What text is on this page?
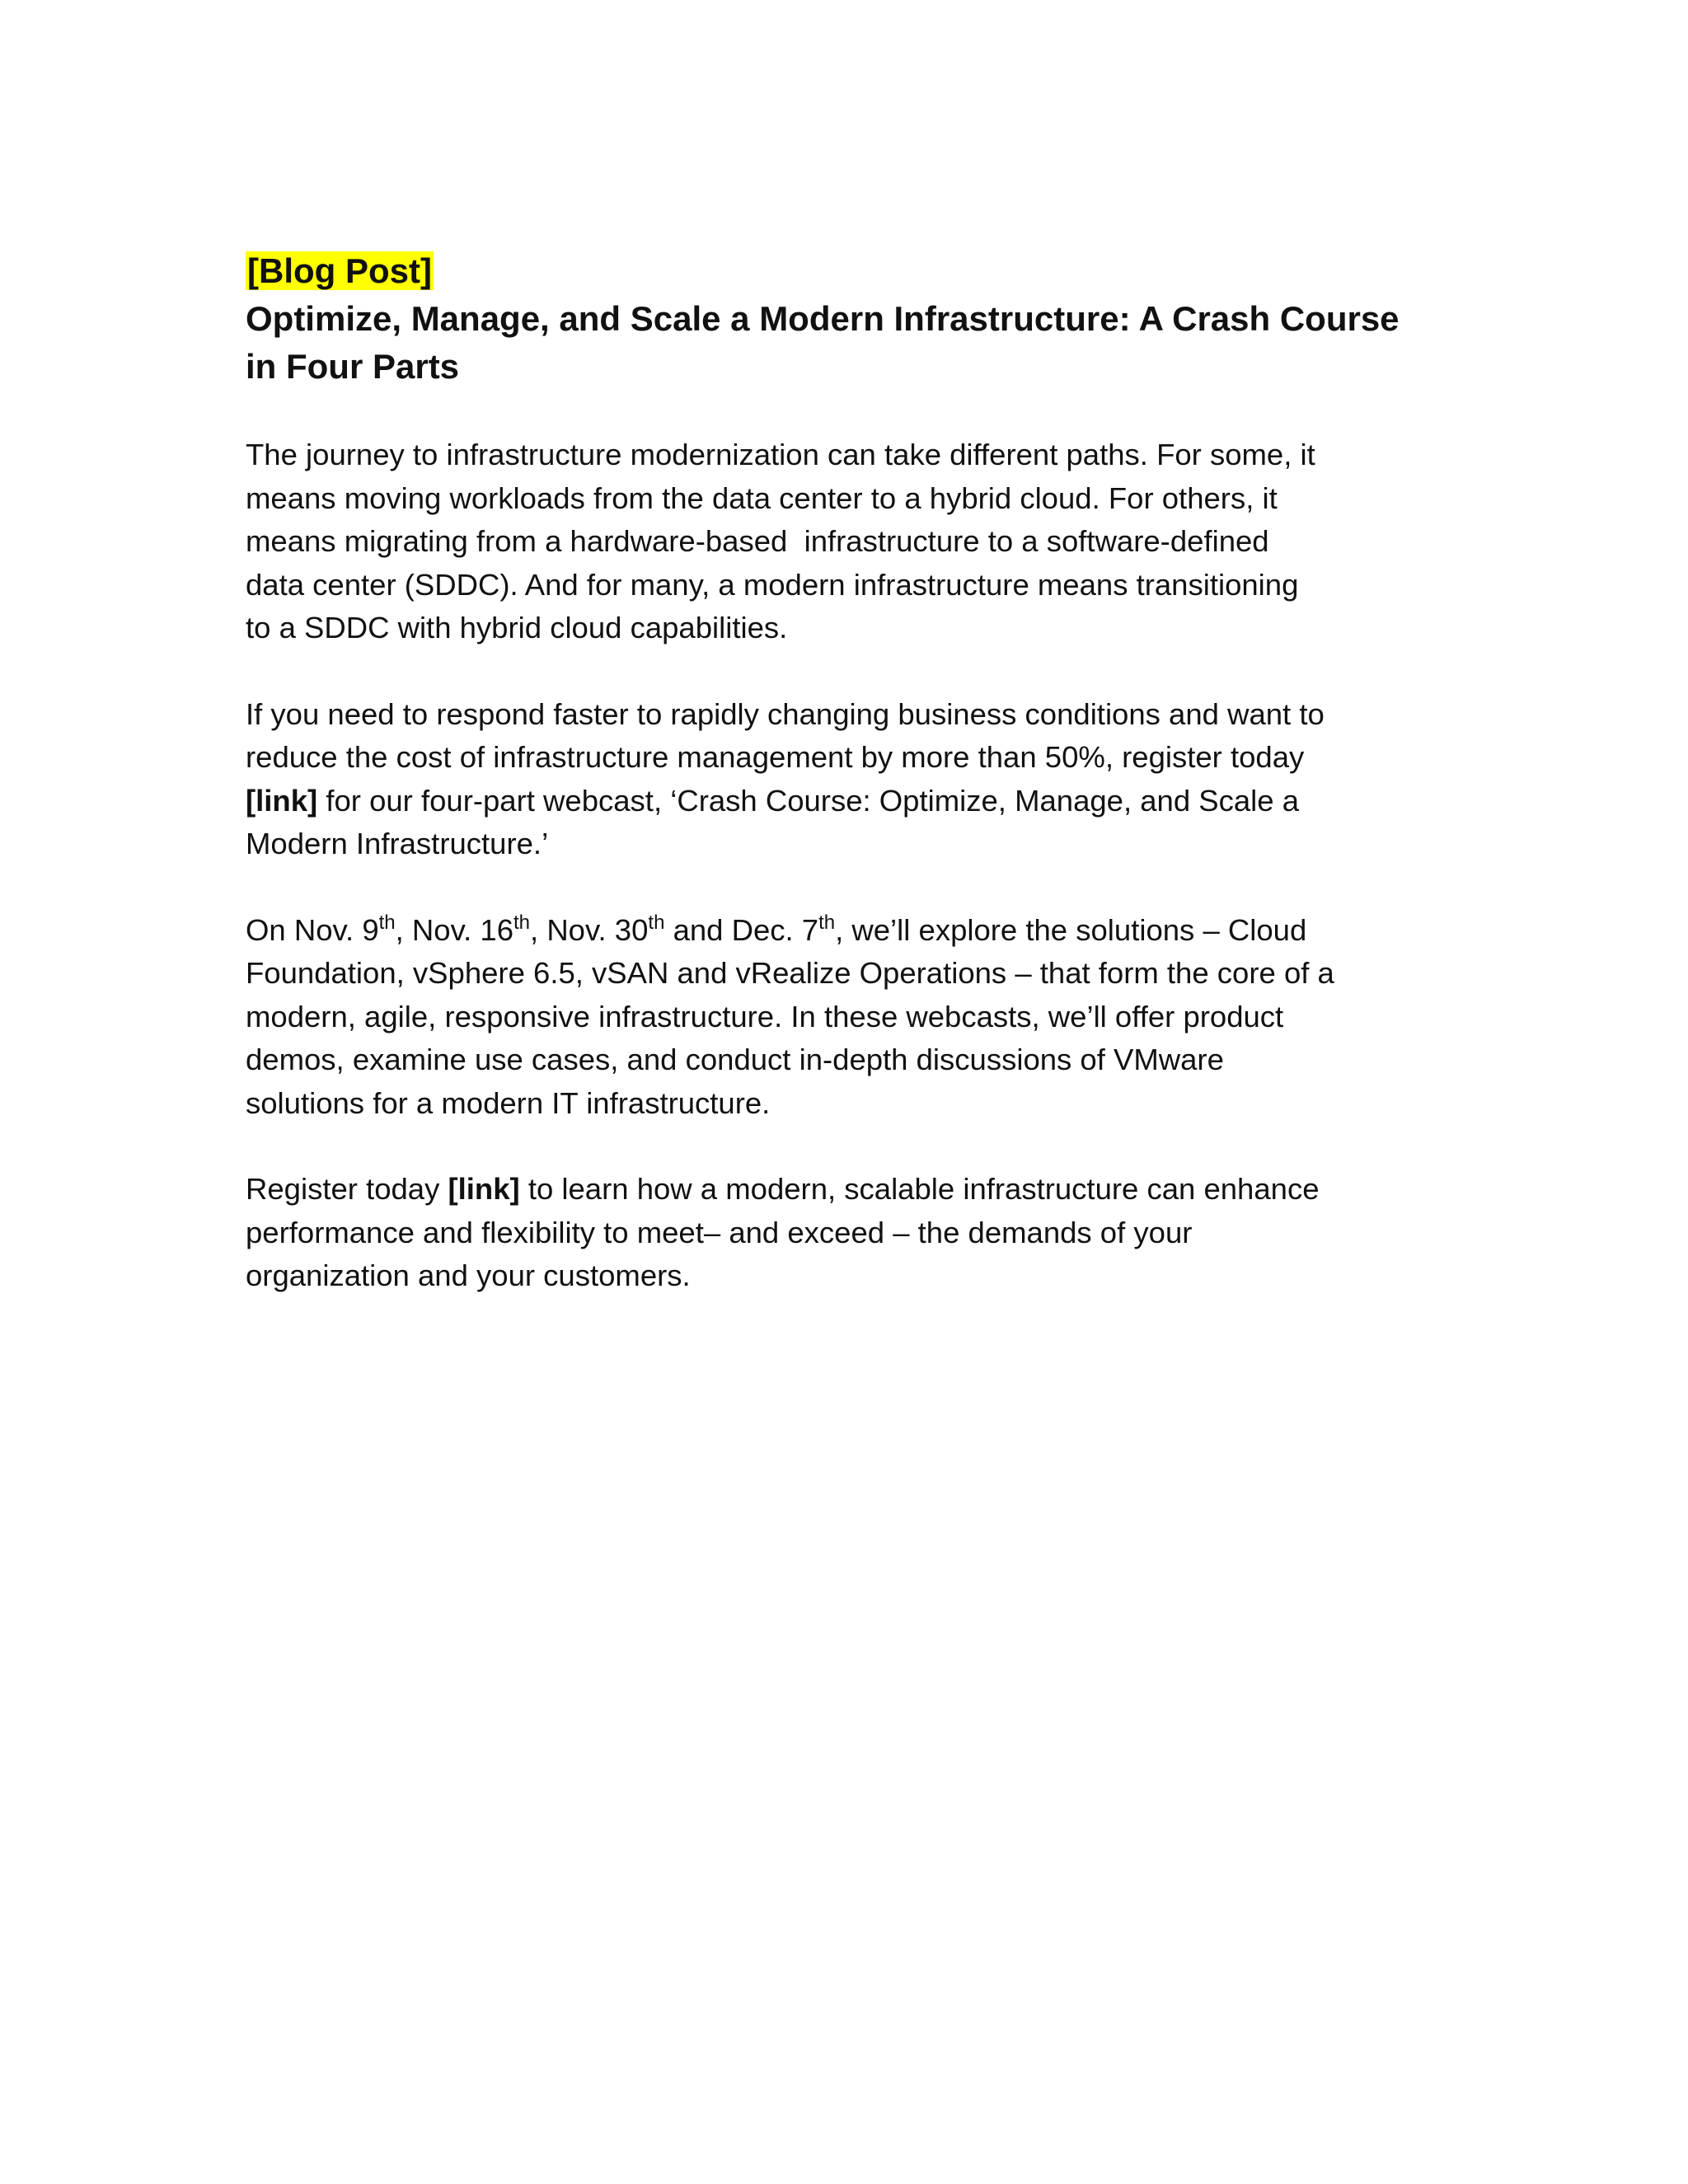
[Blog Post]

Optimize, Manage, and Scale a Modern Infrastructure: A Crash Course
in Four Parts

The journey to infrastructure modernization can take different paths. For some, it
means moving workloads from the data center to a hybrid cloud. For others, it
means migrating from a hardware-based  infrastructure to a software-defined
data center (SDDC). And for many, a modern infrastructure means transitioning
to a SDDC with hybrid cloud capabilities.

If you need to respond faster to rapidly changing business conditions and want to
reduce the cost of infrastructure management by more than 50%, register today
[link] for our four-part webcast, ‘Crash Course: Optimize, Manage, and Scale a
Modern Infrastructure.’

On Nov. 9th, Nov. 16th, Nov. 30th and Dec. 7th, we’ll explore the solutions – Cloud
Foundation, vSphere 6.5, vSAN and vRealize Operations – that form the core of a
modern, agile, responsive infrastructure. In these webcasts, we’ll offer product
demos, examine use cases, and conduct in-depth discussions of VMware
solutions for a modern IT infrastructure.

Register today [link] to learn how a modern, scalable infrastructure can enhance
performance and flexibility to meet– and exceed – the demands of your
organization and your customers.
